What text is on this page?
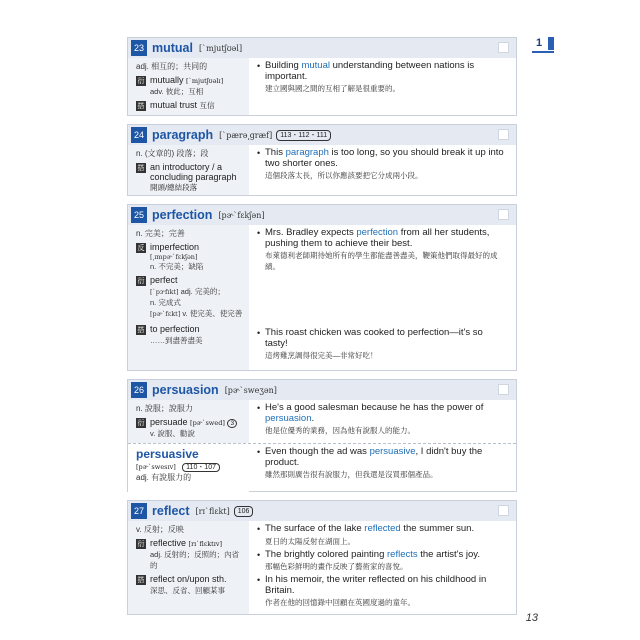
1
23 mutual [ˋmjutʃʊəl]
adj. 相互的；共同的
衍 mutually [ˋmjutʃʊəlɪ]
adv. 彼此；互相
搭 mutual trust 互信
• Building mutual understanding between nations is important.
建立國與國之間的互相了解是很重要的。
24 paragraph [ˋpærə͵græf]	113・112・111
n. (文章的) 段落；段
搭 an introductory / a concluding paragraph
開頭/總結段落
• This paragraph is too long, so you should break it up into two shorter ones.
這個段落太長，所以你應該要把它分成兩小段。
25 perfection [pɚˋfɛkʃən]
n. 完美；完善
反 imperfection
[͵ɪmpɚˋfɛkʃən]
n. 不完美；缺陷
衍 perfect
[ˋpɝfɪkt] adj. 完美的；
n. 完成式
[pɚˋfɛkt] v. 使完美、使完善
搭 to perfection
……到盡善盡美
• Mrs. Bradley expects perfection from all her students, pushing them to achieve their best.
布萊德利老師期待她所有的學生都能盡善盡美，鞭策他們取得最好的成績。
• This roast chicken was cooked to perfection—it's so tasty!
這烤雞烹調得很完美—非常好吃！
26 persuasion [pɚˋsweʒən]
n. 說服；說服力
衍 persuade [pɚˋswed] 3
v. 說服、勸說
• He's a good salesman because he has the power of persuasion.
他是位優秀的業務，因為他有說服人的能力。
persuasive
[pɚˋswesɪv] 110・107
adj. 有說服力的
• Even though the ad was persuasive, I didn't buy the product.
雖然那則廣告很有說服力，但我還是沒買那個產品。
27 reflect [rɪˋflɛkt]	106
v. 反射；反映
衍 reflective [rɪˋflɛktɪv]
adj. 反射的；反照的；內省的
搭 reflect on/upon sth.
深思、反省、回顧某事
• The surface of the lake reflected the summer sun.
夏日的太陽反射在湖面上。
• The brightly colored painting reflects the artist's joy.
那幅色彩鮮明的畫作反映了藝術家的喜悅。
• In his memoir, the writer reflected on his childhood in Britain.
作者在他的回憶錄中回顧在英國度過的童年。
13
